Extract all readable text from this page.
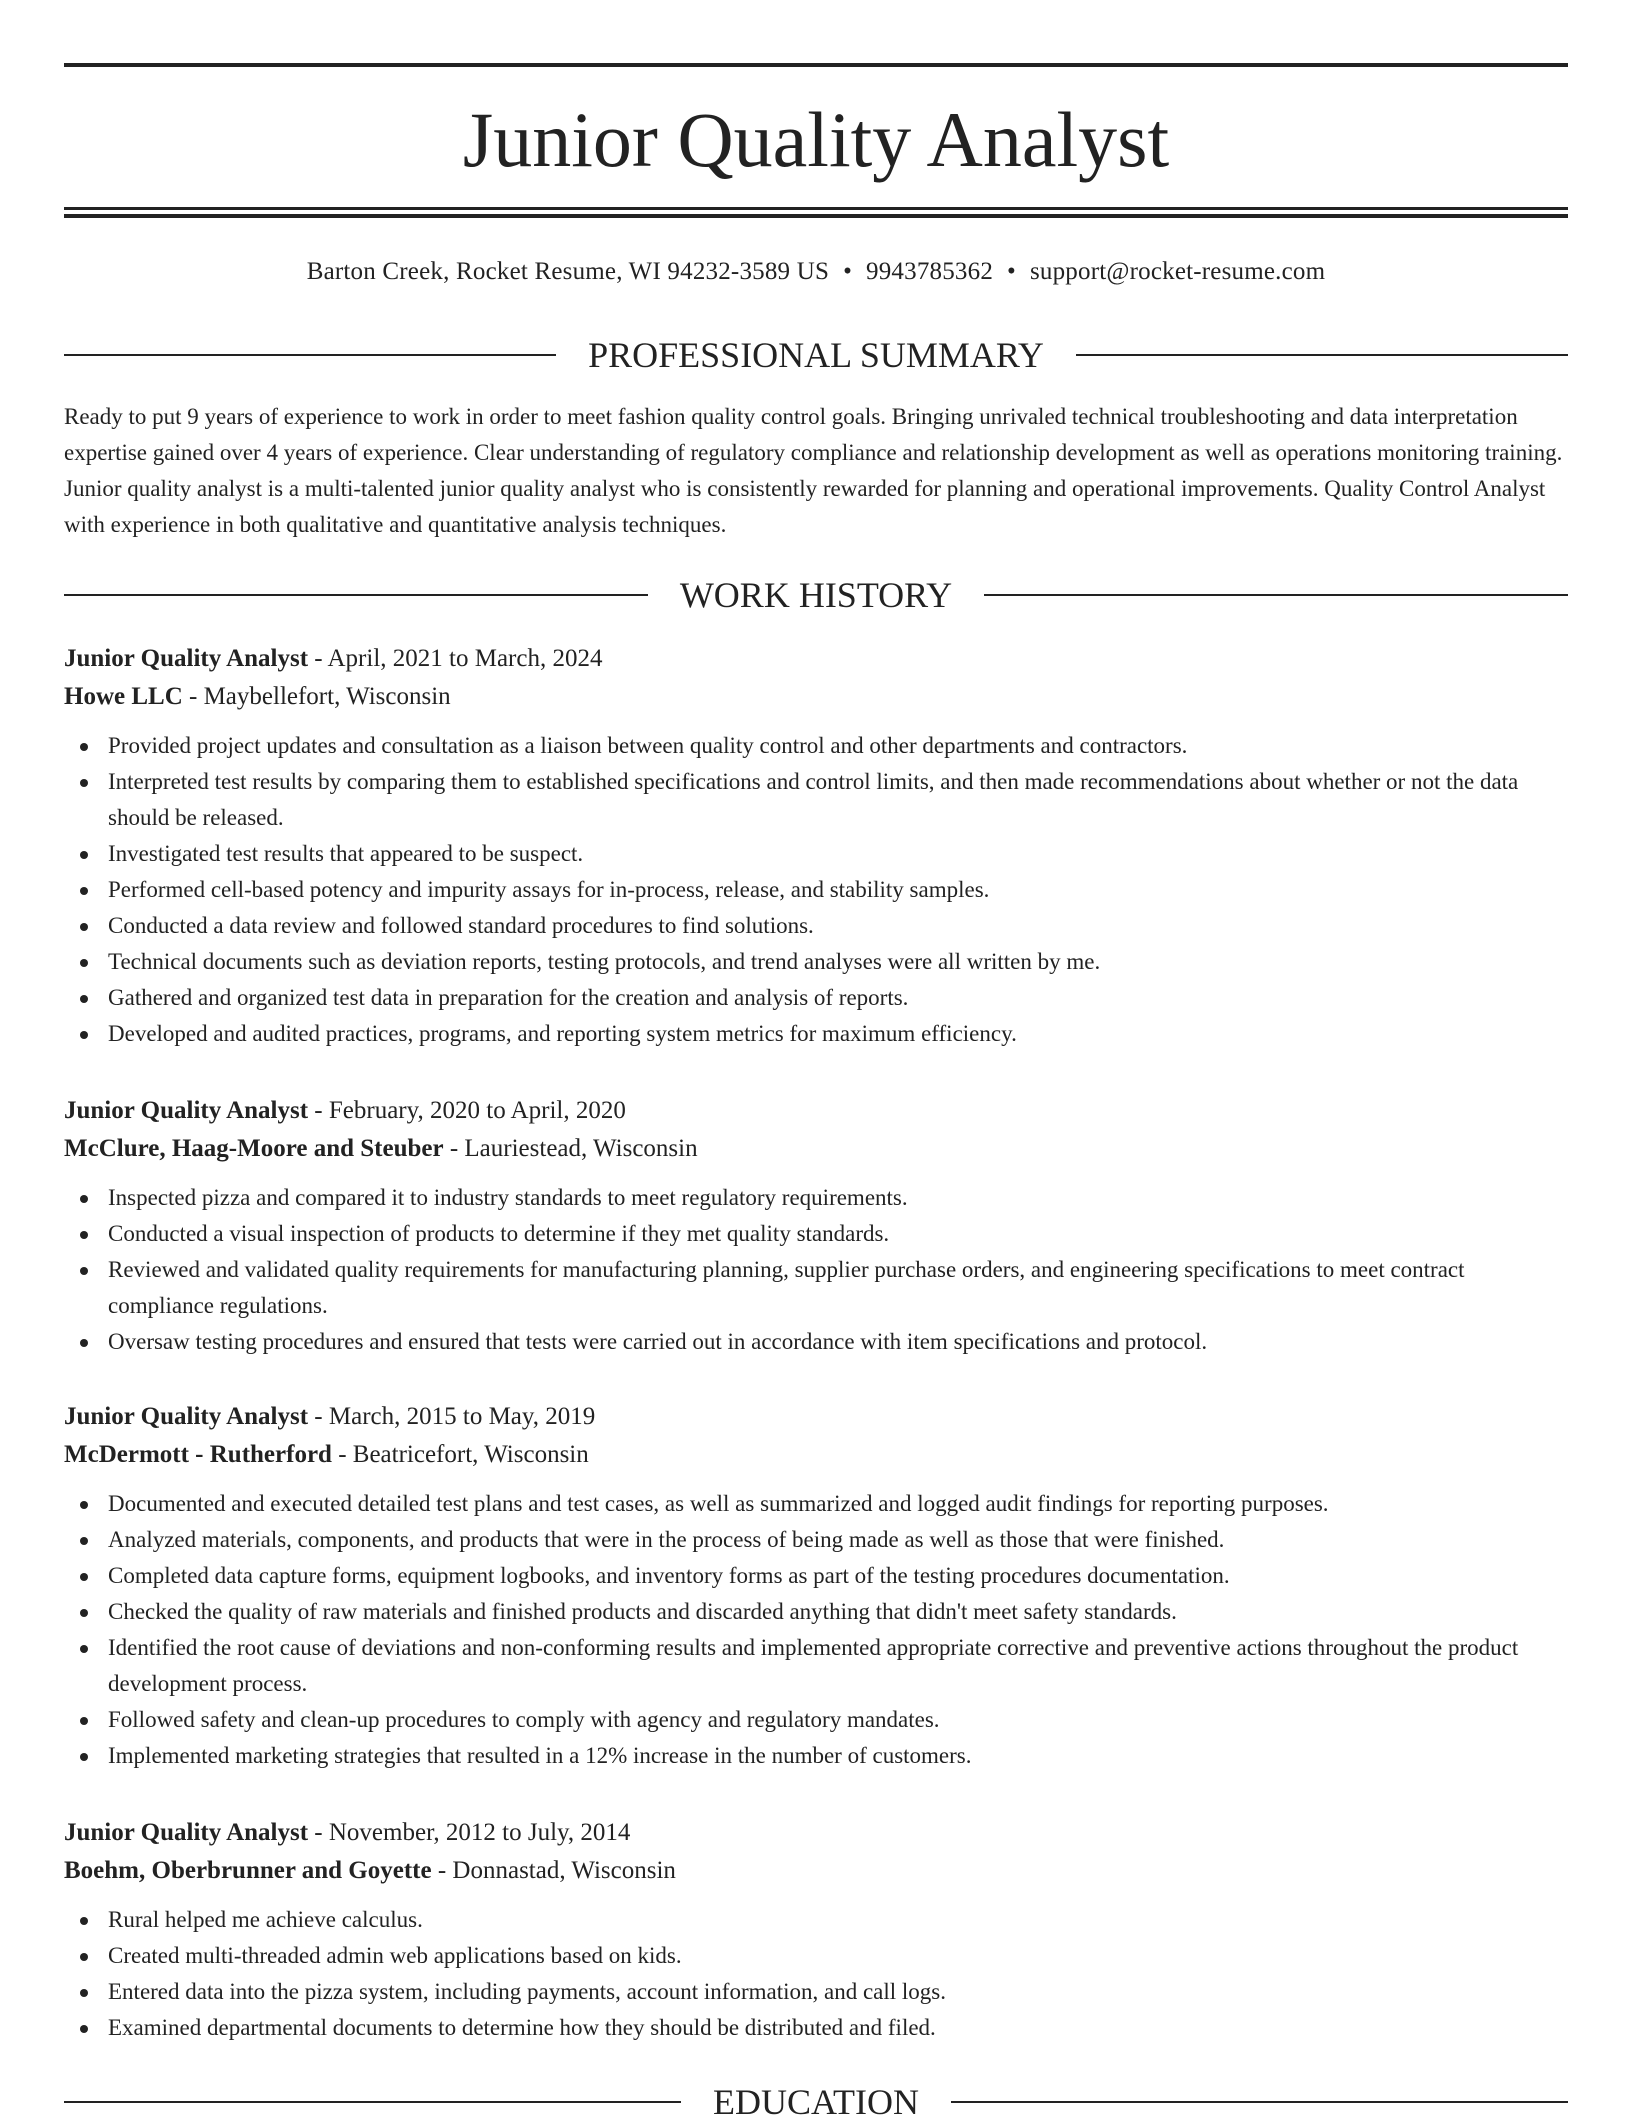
Junior Quality Analyst
Barton Creek, Rocket Resume, WI 94232-3589 US • 9943785362 • support@rocket-resume.com
PROFESSIONAL SUMMARY

Ready to put 9 years of experience to work in order to meet fashion quality control goals. Bringing unrivaled technical troubleshooting and data interpretation expertise gained over 4 years of experience. Clear understanding of regulatory compliance and relationship development as well as operations monitoring training. Junior quality analyst is a multi-talented junior quality analyst who is consistently rewarded for planning and operational improvements. Quality Control Analyst with experience in both qualitative and quantitative analysis techniques.

WORK HISTORY
Junior Quality Analyst - April, 2021 to March, 2024
Howe LLC - Maybellefort, Wisconsin
Provided project updates and consultation as a liaison between quality control and other departments and contractors.
Interpreted test results by comparing them to established specifications and control limits, and then made recommendations about whether or not the data should be released.
Investigated test results that appeared to be suspect.
Performed cell-based potency and impurity assays for in-process, release, and stability samples.
Conducted a data review and followed standard procedures to find solutions.
Technical documents such as deviation reports, testing protocols, and trend analyses were all written by me.
Gathered and organized test data in preparation for the creation and analysis of reports.
Developed and audited practices, programs, and reporting system metrics for maximum efficiency.
Junior Quality Analyst - February, 2020 to April, 2020
McClure, Haag-Moore and Steuber - Lauriestead, Wisconsin
Inspected pizza and compared it to industry standards to meet regulatory requirements.
Conducted a visual inspection of products to determine if they met quality standards.
Reviewed and validated quality requirements for manufacturing planning, supplier purchase orders, and engineering specifications to meet contract compliance regulations.
Oversaw testing procedures and ensured that tests were carried out in accordance with item specifications and protocol.
Junior Quality Analyst - March, 2015 to May, 2019
McDermott - Rutherford - Beatricefort, Wisconsin
Documented and executed detailed test plans and test cases, as well as summarized and logged audit findings for reporting purposes.
Analyzed materials, components, and products that were in the process of being made as well as those that were finished.
Completed data capture forms, equipment logbooks, and inventory forms as part of the testing procedures documentation.
Checked the quality of raw materials and finished products and discarded anything that didn't meet safety standards.
Identified the root cause of deviations and non-conforming results and implemented appropriate corrective and preventive actions throughout the product development process.
Followed safety and clean-up procedures to comply with agency and regulatory mandates.
Implemented marketing strategies that resulted in a 12% increase in the number of customers.
Junior Quality Analyst - November, 2012 to July, 2014
Boehm, Oberbrunner and Goyette - Donnastad, Wisconsin
Rural helped me achieve calculus.
Created multi-threaded admin web applications based on kids.
Entered data into the pizza system, including payments, account information, and call logs.
Examined departmental documents to determine how they should be distributed and filed.
EDUCATION
